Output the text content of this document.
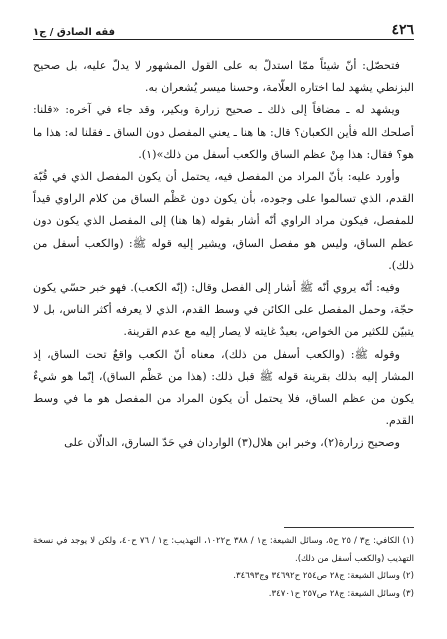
٤٢٦
فقه الصادق / ج١

فتحصّل: أنّ شيئاً ممّا استدلّ به على القول المشهور لا يدلّ عليه، بل صحيح البزنطي يشهد لما اختاره العلّامة، وحسنا ميسر يُشعران به.

ويشهد له ـ مضافاً إلى ذلك ـ صحيح زرارة وبكير، وقد جاء في آخره: «قلنا: أصلحك الله فأين الكعبان؟ قال: ها هنا ـ يعني المفصل دون الساق ـ فقلنا له: هذا ما هو؟ فقال: هذا مِنْ عظم الساق والكعب أسفل من ذلك»(١).

وأورد عليه: بأنّ المراد من المفصل فيه، يحتمل أن يكون المفصل الذي في قُبّة القدم، الذي تسالموا على وجوده، بأن يكون دون عَظْم الساق من كلام الراوي قيداً للمفصل، فيكون مراد الراوي أنّه أشار بقوله (ها هنا) إلى المفصل الذي يكون دون عظم الساق، وليس هو مفصل الساق، ويشير إليه قوله ﷺ: (والكعب أسفل من ذلك).

وفيه: أنّه يروي أنّه ﷺ أشار إلى الفصل وقال: (إنّه الكعب). فهو خبر حسّي يكون حجّة، وحمل المفصل على الكائن في وسط القدم، الذي لا يعرفه أكثر الناس، بل لا يتبيّن للكثير من الخواص، بعيدٌ غايته لا يصار إليه مع عدم القرينة.

وقوله ﷺ: (والكعب أسفل من ذلك)، معناه أنّ الكعب واقعٌ تحت الساق، إذ المشار إليه بذلك بقرينة قوله ﷺ قبل ذلك: (هذا من عَظْم الساق)، إنّما هو شيءٌ يكون من عظم الساق، فلا يحتمل أن يكون المراد من المفصل هو ما في وسط القدم.

وصحيح زرارة(٢)، وخبر ابن هلال(٣) الواردان في حَدّ السارق، الدالّان على

(١) الكافي: ج٣ / ٢٥ ح٥، وسائل الشيعة: ج١ / ٣٨٨ ح١٠٢٢، التهذيب: ج١ / ٧٦ ح٤٠، ولكن لا يوجد في نسخة التهذيب (والكعب أسفل من ذلك).

(٢) وسائل الشيعة: ج٢٨ ص٢٥٤ ح٣٤٦٩٢ وج٣٤٦٩٣.

(٣) وسائل الشيعة: ج٢٨ ص٢٥٧ ح٣٤٧٠١.
